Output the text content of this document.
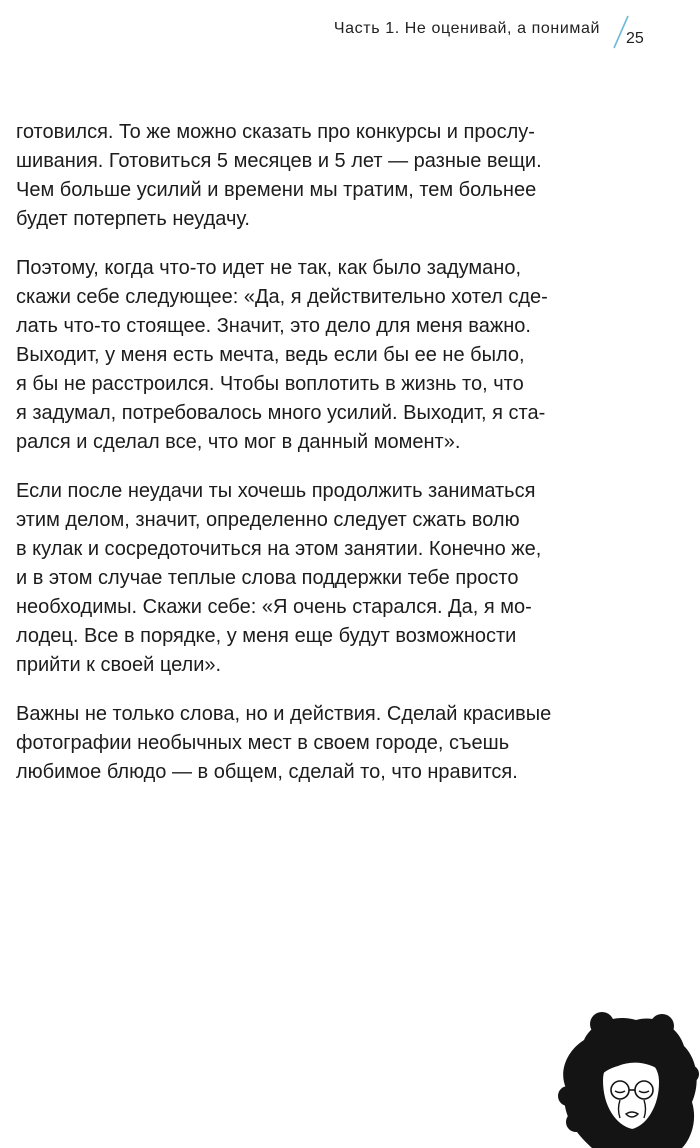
Часть 1. Не оценивай, а понимай
25

готовился. То же можно сказать про конкурсы и прослу-
шивания. Готовиться 5 месяцев и 5 лет — разные вещи.
Чем больше усилий и времени мы тратим, тем больнее
будет потерпеть неудачу.

Поэтому, когда что-то идет не так, как было задумано,
скажи себе следующее: «Да, я действительно хотел сде-
лать что-то стоящее. Значит, это дело для меня важно.
Выходит, у меня есть мечта, ведь если бы ее не было,
я бы не расстроился. Чтобы воплотить в жизнь то, что
я задумал, потребовалось много усилий. Выходит, я ста-
рался и сделал все, что мог в данный момент».

Если после неудачи ты хочешь продолжить заниматься
этим делом, значит, определенно следует сжать волю
в кулак и сосредоточиться на этом занятии. Конечно же,
и в этом случае теплые слова поддержки тебе просто
необходимы. Скажи себе: «Я очень старался. Да, я мо-
лодец. Все в порядке, у меня еще будут возможности
прийти к своей цели».

Важны не только слова, но и действия. Сделай красивые
фотографии необычных мест в своем городе, съешь
любимое блюдо — в общем, сделай то, что нравится.
